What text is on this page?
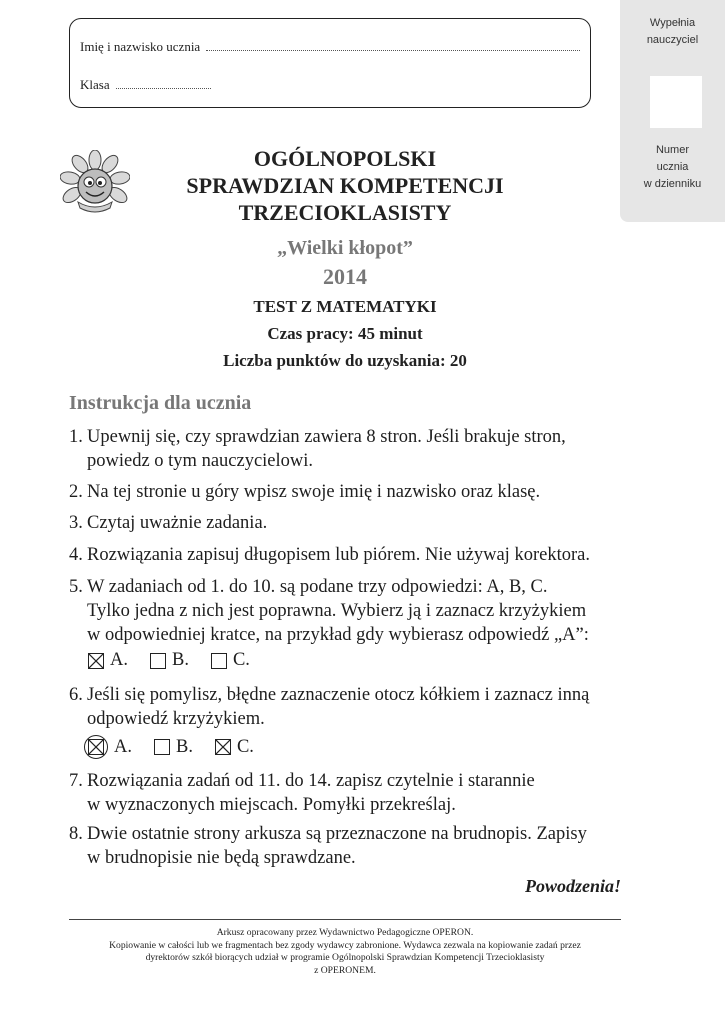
Imię i nazwisko ucznia
Klasa
Wypełnia
nauczyciel
Numer
ucznia
w dzienniku
OGÓLNOPOLSKI
SPRAWDZIAN KOMPETENCJI
TRZECIOKLASISTY
„Wielki kłopot”
2014
TEST Z MATEMATYKI
Czas pracy: 45 minut
Liczba punktów do uzyskania: 20
Instrukcja dla ucznia
1. Upewnij się, czy sprawdzian zawiera 8 stron. Jeśli brakuje stron,
powiedz o tym nauczycielowi.
2. Na tej stronie u góry wpisz swoje imię i nazwisko oraz klasę.
3. Czytaj uważnie zadania.
4. Rozwiązania zapisuj długopisem lub piórem. Nie używaj korektora.
5. W zadaniach od 1. do 10. są podane trzy odpowiedzi: A, B, C.
Tylko jedna z nich jest poprawna. Wybierz ją i zaznacz krzyżykiem
w odpowiedniej kratce, na przykład gdy wybierasz odpowiedź „A”:
A. B. C.
6. Jeśli się pomylisz, błędne zaznaczenie otocz kółkiem i zaznacz inną
odpowiedź krzyżykiem.
A. B. C.
7. Rozwiązania zadań od 11. do 14. zapisz czytelnie i starannie
w wyznaczonych miejscach. Pomyłki przekreślaj.
8. Dwie ostatnie strony arkusza są przeznaczone na brudnopis. Zapisy
w brudnopisie nie będą sprawdzane.
Powodzenia!
Arkusz opracowany przez Wydawnictwo Pedagogiczne OPERON.
Kopiowanie w całości lub we fragmentach bez zgody wydawcy zabronione. Wydawca zezwala na kopiowanie zadań przez
dyrektorów szkół biorących udział w programie Ogólnopolski Sprawdzian Kompetencji Trzecioklasisty
z OPERONEM.
